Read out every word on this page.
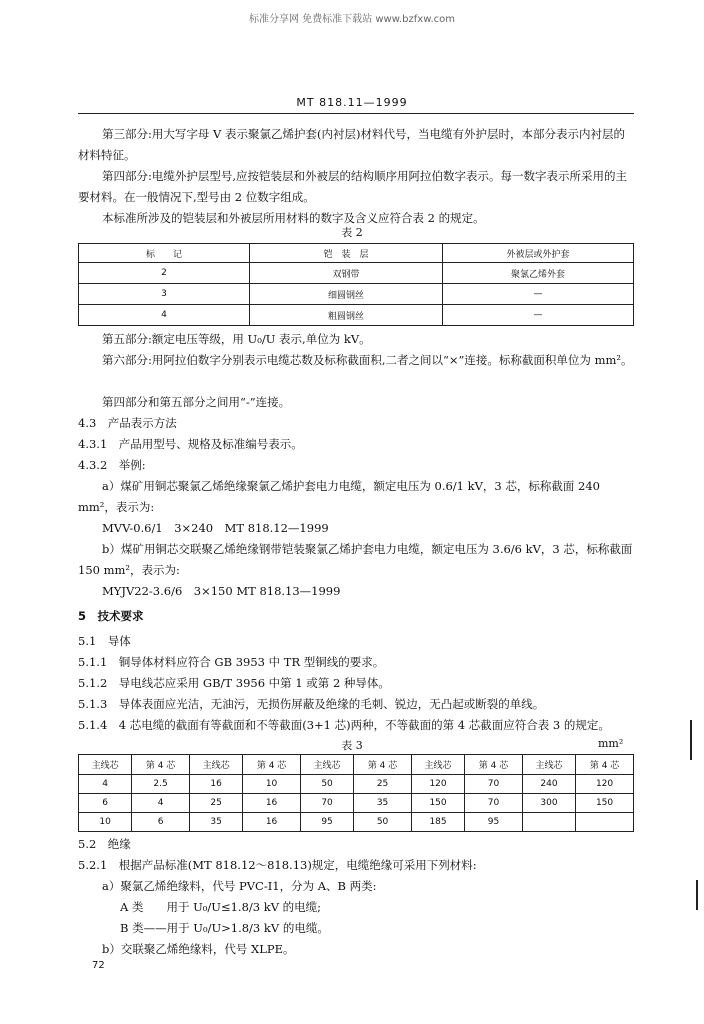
标准分享网 免费标准下载站 www.bzfxw.com
MT 818.11—1999
第三部分:用大写字母 V 表示聚氯乙烯护套(内衬层)材料代号，当电缆有外护层时，本部分表示内衬层的材料特征。
第四部分:电缆外护层型号,应按铠装层和外被层的结构顺序用阿拉伯数字表示。每一数字表示所采用的主要材料。在一般情况下,型号由 2 位数字组成。
本标准所涉及的铠装层和外被层所用材料的数字及含义应符合表 2 的规定。
表 2
标　　记	铠　装　层	外被层或外护套
2	双钢带	聚氯乙烯外套
3	细圆钢丝	—
4	粗圆钢丝	—
第五部分:额定电压等级，用 U₀/U 表示,单位为 kV。
第六部分:用阿拉伯数字分别表示电缆芯数及标称截面积,二者之间以“×”连接。标称截面积单位为 mm²。
第四部分和第五部分之间用“-”连接。
4.3　产品表示方法
4.3.1　产品用型号、规格及标准编号表示。
4.3.2　举例:
a）煤矿用铜芯聚氯乙烯绝缘聚氯乙烯护套电力电缆，额定电压为 0.6/1 kV，3 芯，标称截面 240 mm²，表示为:
MVV-0.6/1　3×240　MT 818.12—1999
b）煤矿用铜芯交联聚乙烯绝缘钢带铠装聚氯乙烯护套电力电缆，额定电压为 3.6/6 kV，3 芯，标称截面 150 mm²，表示为:
MYJV22-3.6/6　3×150 MT 818.13—1999
5　技术要求
5.1　导体
5.1.1　铜导体材料应符合 GB 3953 中 TR 型铜线的要求。
5.1.2　导电线芯应采用 GB/T 3956 中第 1 或第 2 种导体。
5.1.3　导体表面应光洁，无油污，无损伤屏蔽及绝缘的毛刺、锐边，无凸起或断裂的单线。
5.1.4　4 芯电缆的截面有等截面和不等截面(3+1 芯)两种，不等截面的第 4 芯截面应符合表 3 的规定。
表 3	mm²
主线芯	第 4 芯	主线芯	第 4 芯	主线芯	第 4 芯	主线芯	第 4 芯	主线芯	第 4 芯
4	2.5	16	10	50	25	120	70	240	120
6	4	25	16	70	35	150	70	300	150
10	6	35	16	95	50	185	95		
5.2　绝缘
5.2.1　根据产品标准(MT 818.12～818.13)规定，电缆绝缘可采用下列材料:
a）聚氯乙烯绝缘料，代号 PVC-I1，分为 A、B 两类:
A 类　　用于 U₀/U≤1.8/3 kV 的电缆;
B 类——用于 U₀/U>1.8/3 kV 的电缆。
b）交联聚乙烯绝缘料，代号 XLPE。
72
